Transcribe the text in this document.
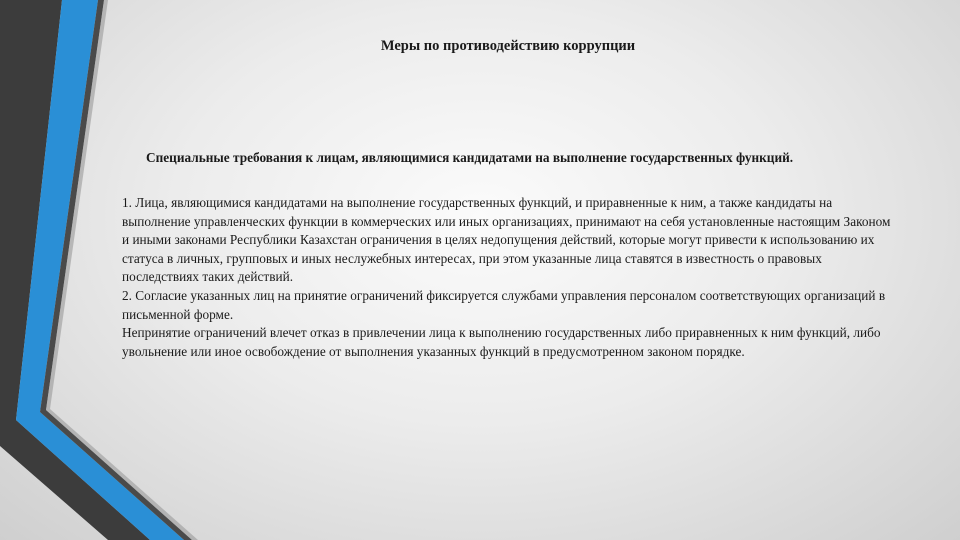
Меры по противодействию коррупции

Специальные требования к лицам, являющимися кандидатами на выполнение государственных функций.

1. Лица, являющимися кандидатами на выполнение государственных функций, и приравненные к ним, а также кандидаты на выполнение управленческих функции в коммерческих или иных организациях, принимают на себя установленные настоящим Законом и иными законами Республики Казахстан ограничения в целях недопущения действий, которые могут привести к использованию их статуса в личных, групповых и иных неслужебных интересах, при этом указанные лица ставятся в известность о правовых последствиях таких действий.

2. Согласие указанных лиц на принятие ограничений фиксируется службами управления персоналом соответствующих организаций в письменной форме.

Непринятие ограничений влечет отказ в привлечении лица к выполнению государственных либо приравненных к ним функций, либо увольнение или иное освобождение от выполнения указанных функций в предусмотренном законом порядке.
